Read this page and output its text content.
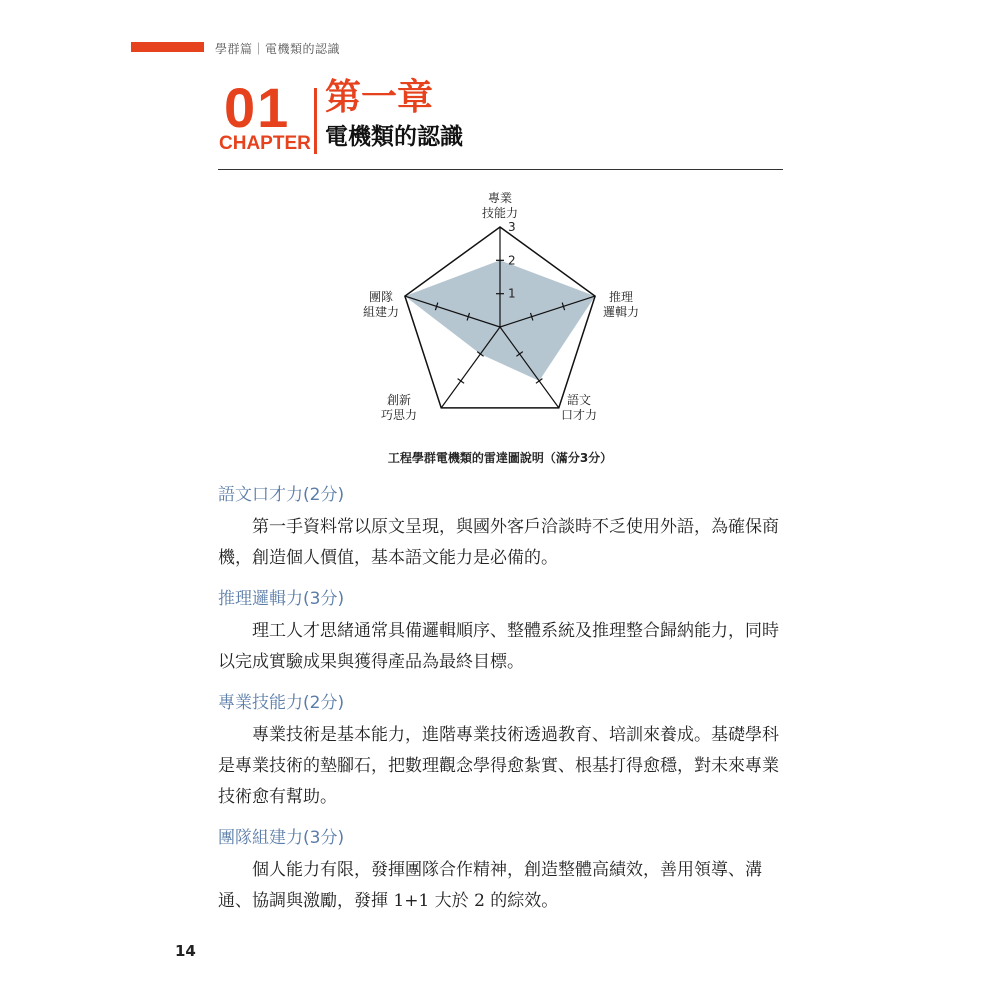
學群篇｜電機類的認識
01
CHAPTER
第一章
電機類的認識
1
2
3
專業
技能力
推理
邏輯力
語文
口才力
創新
巧思力
團隊
組建力
工程學群電機類的雷達圖說明（滿分3分）

語文口才力(2分)

第一手資料常以原文呈現，與國外客戶洽談時不乏使用外語，為確保商機，創造個人價值，基本語文能力是必備的。

推理邏輯力(3分)

理工人才思緒通常具備邏輯順序、整體系統及推理整合歸納能力，同時以完成實驗成果與獲得產品為最終目標。

專業技能力(2分)

專業技術是基本能力，進階專業技術透過教育、培訓來養成。基礎學科是專業技術的墊腳石，把數理觀念學得愈紮實、根基打得愈穩，對未來專業技術愈有幫助。

團隊組建力(3分)

個人能力有限，發揮團隊合作精神，創造整體高績效，善用領導、溝通、協調與激勵，發揮 1+1 大於 2 的綜效。

14
